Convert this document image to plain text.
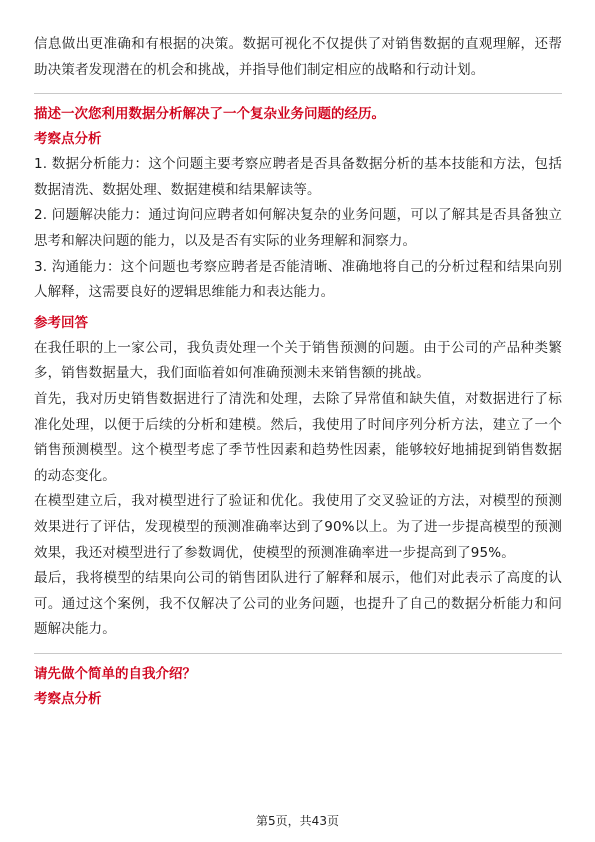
信息做出更准确和有根据的决策。数据可视化不仅提供了对销售数据的直观理解，还帮助决策者发现潜在的机会和挑战，并指导他们制定相应的战略和行动计划。

描述一次您利用数据分析解决了一个复杂业务问题的经历。

考察点分析

1. 数据分析能力：这个问题主要考察应聘者是否具备数据分析的基本技能和方法，包括数据清洗、数据处理、数据建模和结果解读等。

2. 问题解决能力：通过询问应聘者如何解决复杂的业务问题，可以了解其是否具备独立思考和解决问题的能力，以及是否有实际的业务理解和洞察力。

3. 沟通能力：这个问题也考察应聘者是否能清晰、准确地将自己的分析过程和结果向别人解释，这需要良好的逻辑思维能力和表达能力。

参考回答

在我任职的上一家公司，我负责处理一个关于销售预测的问题。由于公司的产品种类繁多，销售数据量大，我们面临着如何准确预测未来销售额的挑战。

首先，我对历史销售数据进行了清洗和处理，去除了异常值和缺失值，对数据进行了标准化处理，以便于后续的分析和建模。然后，我使用了时间序列分析方法，建立了一个销售预测模型。这个模型考虑了季节性因素和趋势性因素，能够较好地捕捉到销售数据的动态变化。

在模型建立后，我对模型进行了验证和优化。我使用了交叉验证的方法，对模型的预测效果进行了评估，发现模型的预测准确率达到了90%以上。为了进一步提高模型的预测效果，我还对模型进行了参数调优，使模型的预测准确率进一步提高到了95%。

最后，我将模型的结果向公司的销售团队进行了解释和展示，他们对此表示了高度的认可。通过这个案例，我不仅解决了公司的业务问题，也提升了自己的数据分析能力和问题解决能力。

请先做个简单的自我介绍？

考察点分析

第5页，共43页
